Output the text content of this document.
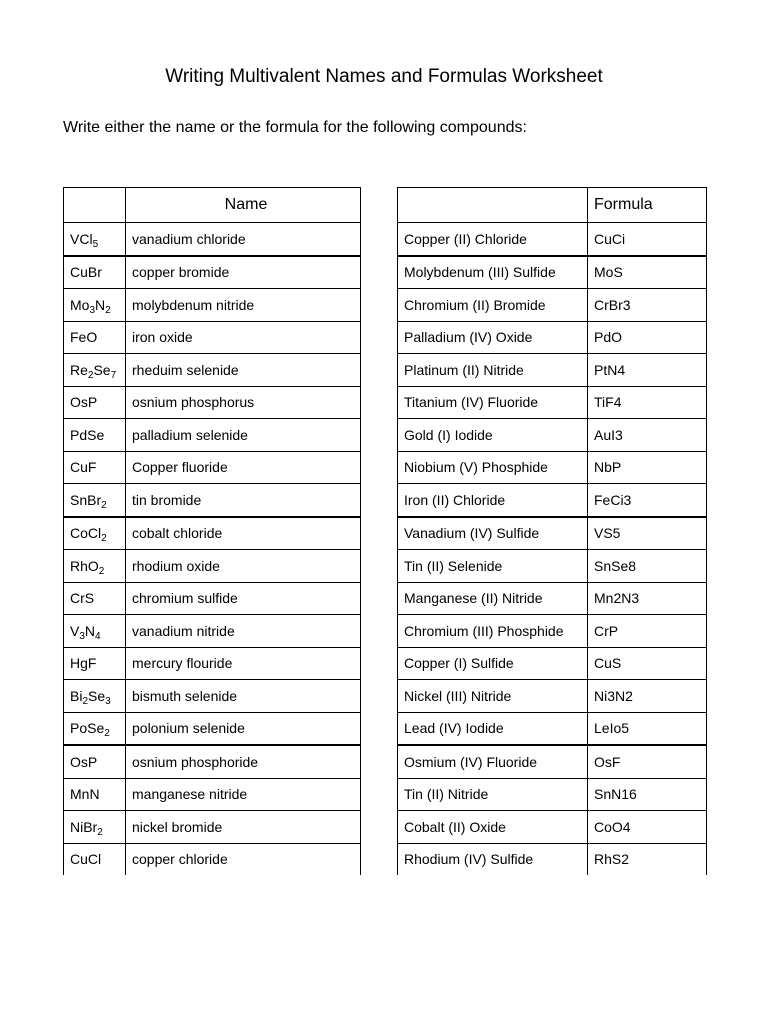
Writing Multivalent Names and Formulas Worksheet
Write either the name or the formula for the following compounds:
	Name
VCl$_5$	vanadium chloride
CuBr	copper bromide
$Mo_3N_2$	molybdenum nitride
FeO	iron oxide
$Re_2Se_7$	rheduim selenide
OsP	osnium phosphorus
PdSe	palladium selenide
CuF	Copper fluoride
SnBr$_2$	tin bromide
CoCl$_2$	cobalt chloride
RhO$_2$	rhodium oxide
CrS	chromium sulfide
$V_3N_4$	vanadium nitride
HgF	mercury flouride
$Bi_2Se_3$	bismuth selenide
PoSe$_2$	polonium selenide
OsP	osnium phosphoride
MnN	manganese nitride
NiBr$_2$	nickel bromide
CuCl	copper chloride
	Formula
Copper (II) Chloride	CuCi
Molybdenum (III) Sulfide	MoS
Chromium (II) Bromide	CrBr3
Palladium (IV) Oxide	PdO
Platinum (II) Nitride	PtN4
Titanium (IV) Fluoride	TiF4
Gold (I) Iodide	AuI3
Niobium (V) Phosphide	NbP
Iron (II) Chloride	FeCi3
Vanadium (IV) Sulfide	VS5
Tin (II) Selenide	SnSe8
Manganese (II) Nitride	Mn2N3
Chromium (III) Phosphide	CrP
Copper (I) Sulfide	CuS
Nickel (III) Nitride	Ni3N2
Lead (IV) Iodide	LeIo5
Osmium (IV) Fluoride	OsF
Tin (II) Nitride	SnN16
Cobalt (II) Oxide	CoO4
Rhodium (IV) Sulfide	RhS2
